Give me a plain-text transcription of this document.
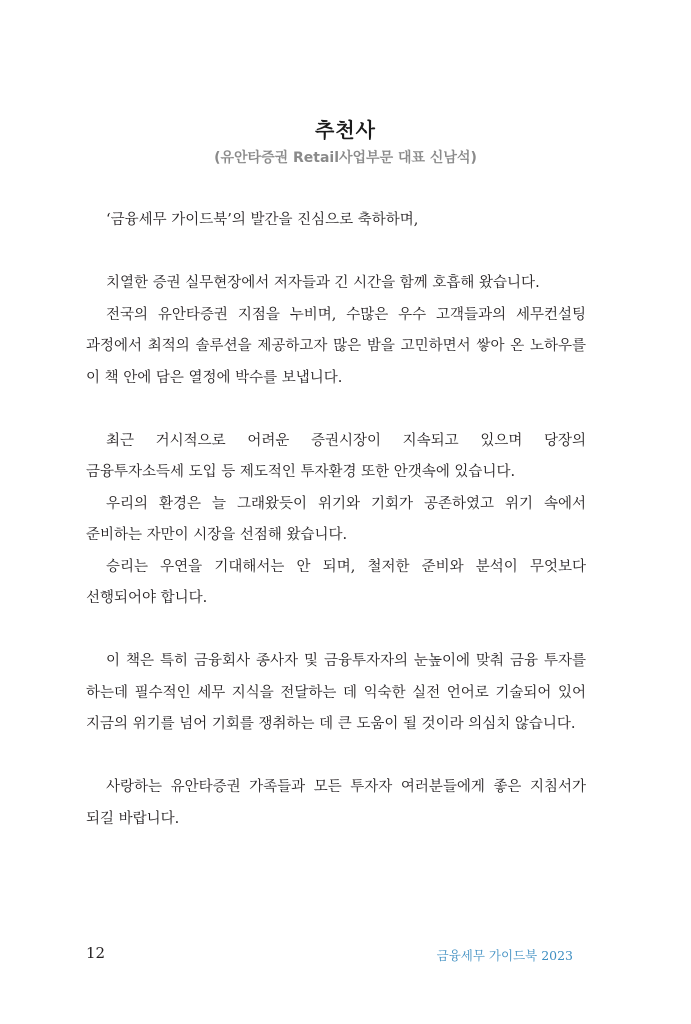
추천사
(유안타증권 Retail사업부문 대표 신남석)

‘금융세무 가이드북’의 발간을 진심으로 축하하며,

치열한 증권 실무현장에서 저자들과 긴 시간을 함께 호흡해 왔습니다.
전국의 유안타증권 지점을 누비며, 수많은 우수 고객들과의 세무컨설팅 과정에서 최적의 솔루션을 제공하고자 많은 밤을 고민하면서 쌓아 온 노하우를 이 책 안에 담은 열정에 박수를 보냅니다.

최근 거시적으로 어려운 증권시장이 지속되고 있으며 당장의 금융투자소득세 도입 등 제도적인 투자환경 또한 안갯속에 있습니다.
우리의 환경은 늘 그래왔듯이 위기와 기회가 공존하였고 위기 속에서 준비하는 자만이 시장을 선점해 왔습니다.
승리는 우연을 기대해서는 안 되며, 철저한 준비와 분석이 무엇보다 선행되어야 합니다.

이 책은 특히 금융회사 종사자 및 금융투자자의 눈높이에 맞춰 금융 투자를 하는데 필수적인 세무 지식을 전달하는 데 익숙한 실전 언어로 기술되어 있어 지금의 위기를 넘어 기회를 쟁취하는 데 큰 도움이 될 것이라 의심치 않습니다.

사랑하는 유안타증권 가족들과 모든 투자자 여러분들에게 좋은 지침서가 되길 바랍니다.

12	금융세무 가이드북 2023
